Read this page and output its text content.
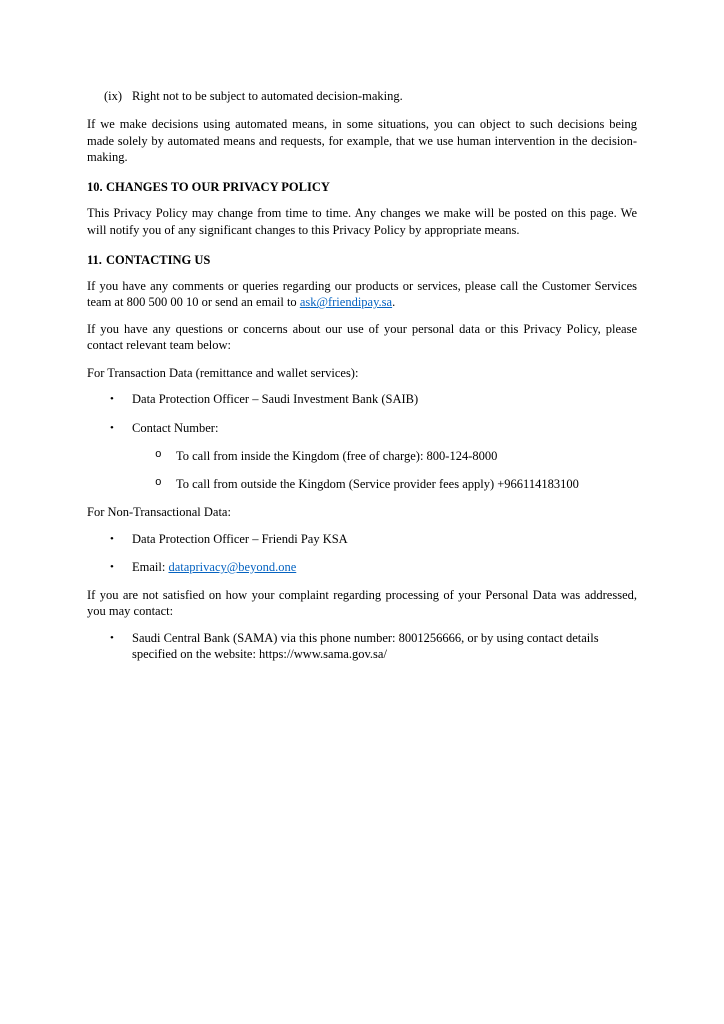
(ix) Right not to be subject to automated decision-making.

If we make decisions using automated means, in some situations, you can object to such decisions being made solely by automated means and requests, for example, that we use human intervention in the decision-making.

10. CHANGES TO OUR PRIVACY POLICY

This Privacy Policy may change from time to time. Any changes we make will be posted on this page. We will notify you of any significant changes to this Privacy Policy by appropriate means.

11. CONTACTING US

If you have any comments or queries regarding our products or services, please call the Customer Services team at 800 500 00 10 or send an email to ask@friendipay.sa.

If you have any questions or concerns about our use of your personal data or this Privacy Policy, please contact relevant team below:

For Transaction Data (remittance and wallet services):

•	Data Protection Officer – Saudi Investment Bank (SAIB)
•	Contact Number:
o	To call from inside the Kingdom (free of charge): 800-124-8000
o	To call from outside the Kingdom (Service provider fees apply) +966114183100

For Non-Transactional Data:

•	Data Protection Officer – Friendi Pay KSA
•	Email: dataprivacy@beyond.one

If you are not satisfied on how your complaint regarding processing of your Personal Data was addressed, you may contact:

•	Saudi Central Bank (SAMA) via this phone number: 8001256666, or by using contact details specified on the website: https://www.sama.gov.sa/
